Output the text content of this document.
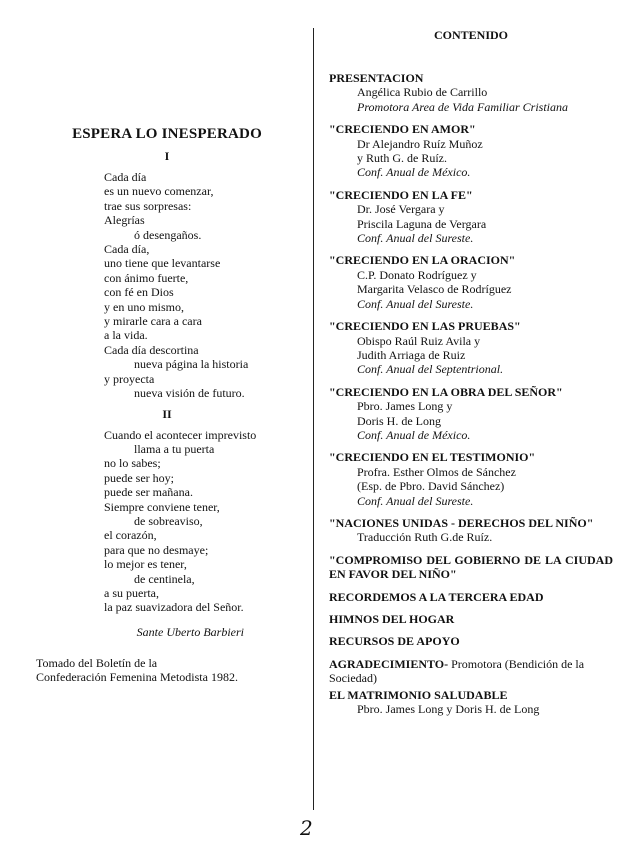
ESPERA LO INESPERADO
I
Cada día
es un nuevo comenzar,
trae sus sorpresas:
Alegrías
ó desengaños.
Cada día,
uno tiene que levantarse
con ánimo fuerte,
con fé en Dios
y en uno mismo,
y mirarle cara a cara
a la vida.
Cada día descortina
nueva página la historia
y proyecta
nueva visión de futuro.
II
Cuando el acontecer imprevisto
llama a tu puerta
no lo sabes;
puede ser hoy;
puede ser mañana.
Siempre conviene tener,
de sobreaviso,
el corazón,
para que no desmaye;
lo mejor es tener,
de centinela,
a su puerta,
la paz suavizadora del Señor.
Sante Uberto Barbieri
Tomado del Boletín de la
Confederación Femenina Metodista 1982.
CONTENIDO
PRESENTACION
Angélica Rubio de Carrillo
Promotora Area de Vida Familiar Cristiana
"CRECIENDO EN AMOR"
Dr Alejandro Ruíz Muñoz
y Ruth G. de Ruíz.
Conf. Anual de México.
"CRECIENDO EN LA FE"
Dr. José Vergara y
Priscila Laguna de Vergara
Conf. Anual del Sureste.
"CRECIENDO EN LA ORACION"
C.P. Donato Rodríguez y
Margarita Velasco de Rodríguez
Conf. Anual del Sureste.
"CRECIENDO EN LAS PRUEBAS"
Obispo Raúl Ruiz Avila y
Judith Arriaga de Ruiz
Conf. Anual del Septentrional.
"CRECIENDO EN LA OBRA DEL SEÑOR"
Pbro. James Long y
Doris H. de Long
Conf. Anual de México.
"CRECIENDO EN EL TESTIMONIO"
Profra. Esther Olmos de Sánchez
(Esp. de Pbro. David Sánchez)
Conf. Anual del Sureste.
"NACIONES UNIDAS - DERECHOS DEL NIÑO"
Traducción Ruth G.de Ruíz.
"COMPROMISO DEL GOBIERNO DE LA CIUDAD EN FAVOR DEL NIÑO"
RECORDEMOS A LA TERCERA EDAD
HIMNOS DEL HOGAR
RECURSOS DE APOYO
AGRADECIMIENTO- Promotora (Bendición de la Sociedad)
EL MATRIMONIO SALUDABLE
Pbro. James Long y Doris H. de Long
2
